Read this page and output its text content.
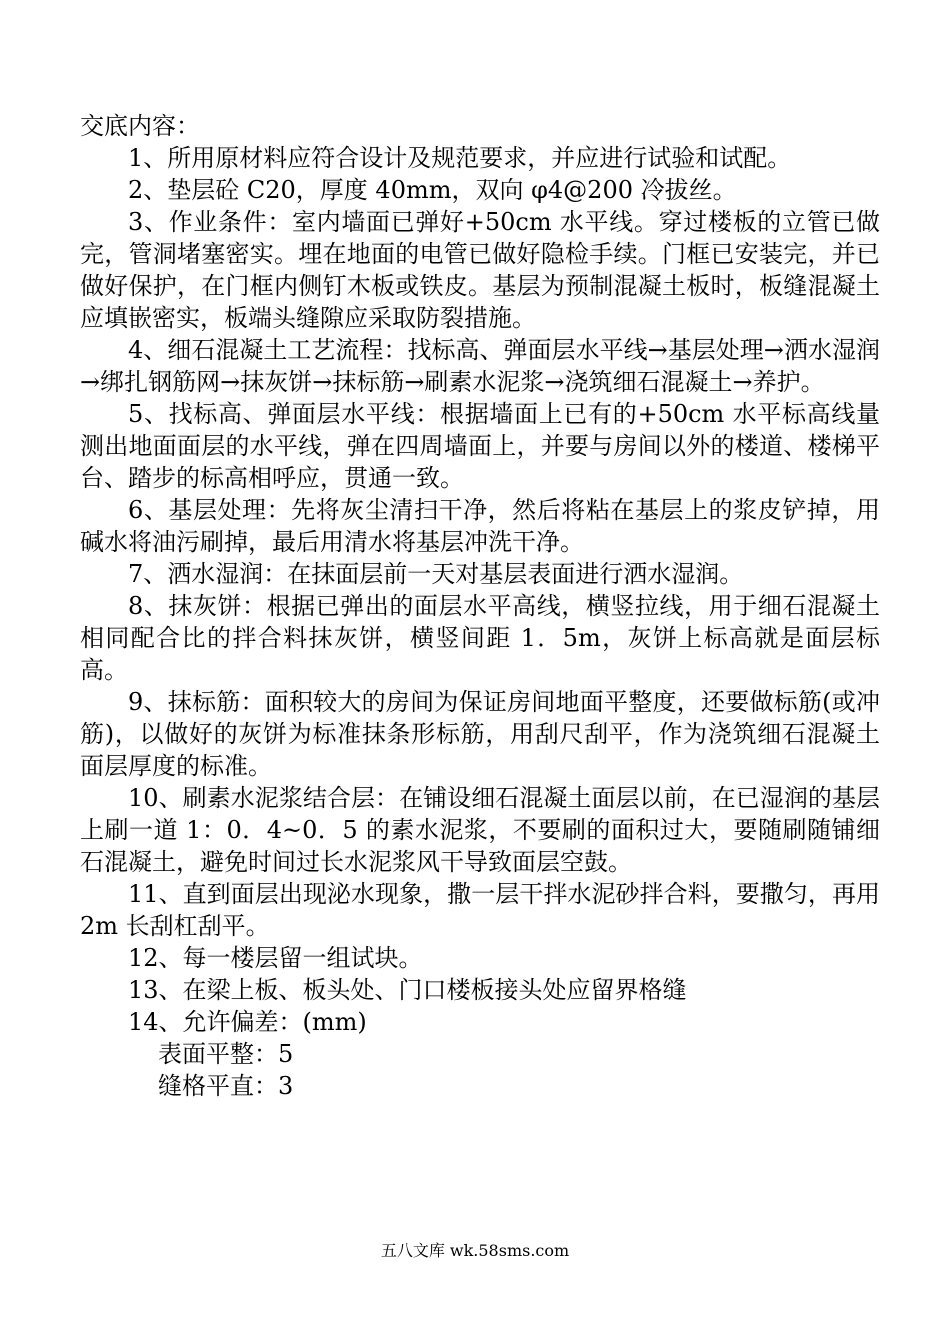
交底内容：

1、所用原材料应符合设计及规范要求，并应进行试验和试配。

2、垫层砼 C20，厚度 40mm，双向 φ4@200 冷拔丝。

3、作业条件：室内墙面已弹好+50cm 水平线。穿过楼板的立管已做完，管洞堵塞密实。埋在地面的电管已做好隐检手续。门框已安装完，并已做好保护，在门框内侧钉木板或铁皮。基层为预制混凝土板时，板缝混凝土应填嵌密实，板端头缝隙应采取防裂措施。

4、细石混凝土工艺流程：找标高、弹面层水平线→基层处理→洒水湿润→绑扎钢筋网→抹灰饼→抹标筋→刷素水泥浆→浇筑细石混凝土→养护。

5、找标高、弹面层水平线：根据墙面上已有的+50cm 水平标高线量测出地面面层的水平线，弹在四周墙面上，并要与房间以外的楼道、楼梯平台、踏步的标高相呼应，贯通一致。

6、基层处理：先将灰尘清扫干净，然后将粘在基层上的浆皮铲掉，用碱水将油污刷掉，最后用清水将基层冲洗干净。

7、洒水湿润：在抹面层前一天对基层表面进行洒水湿润。

8、抹灰饼：根据已弹出的面层水平高线，横竖拉线，用于细石混凝土相同配合比的拌合料抹灰饼，横竖间距 1．5m，灰饼上标高就是面层标高。

9、抹标筋：面积较大的房间为保证房间地面平整度，还要做标筋(或冲筋)，以做好的灰饼为标准抹条形标筋，用刮尺刮平，作为浇筑细石混凝土面层厚度的标准。

10、刷素水泥浆结合层：在铺设细石混凝土面层以前，在已湿润的基层上刷一道 1：0．4~0．5 的素水泥浆，不要刷的面积过大，要随刷随铺细石混凝土，避免时间过长水泥浆风干导致面层空鼓。

11、直到面层出现泌水现象，撒一层干拌水泥砂拌合料，要撒匀，再用 2m 长刮杠刮平。

12、每一楼层留一组试块。

13、在梁上板、板头处、门口楼板接头处应留界格缝

14、允许偏差：(mm)

表面平整：5

缝格平直：3

五八文库 wk.58sms.com
